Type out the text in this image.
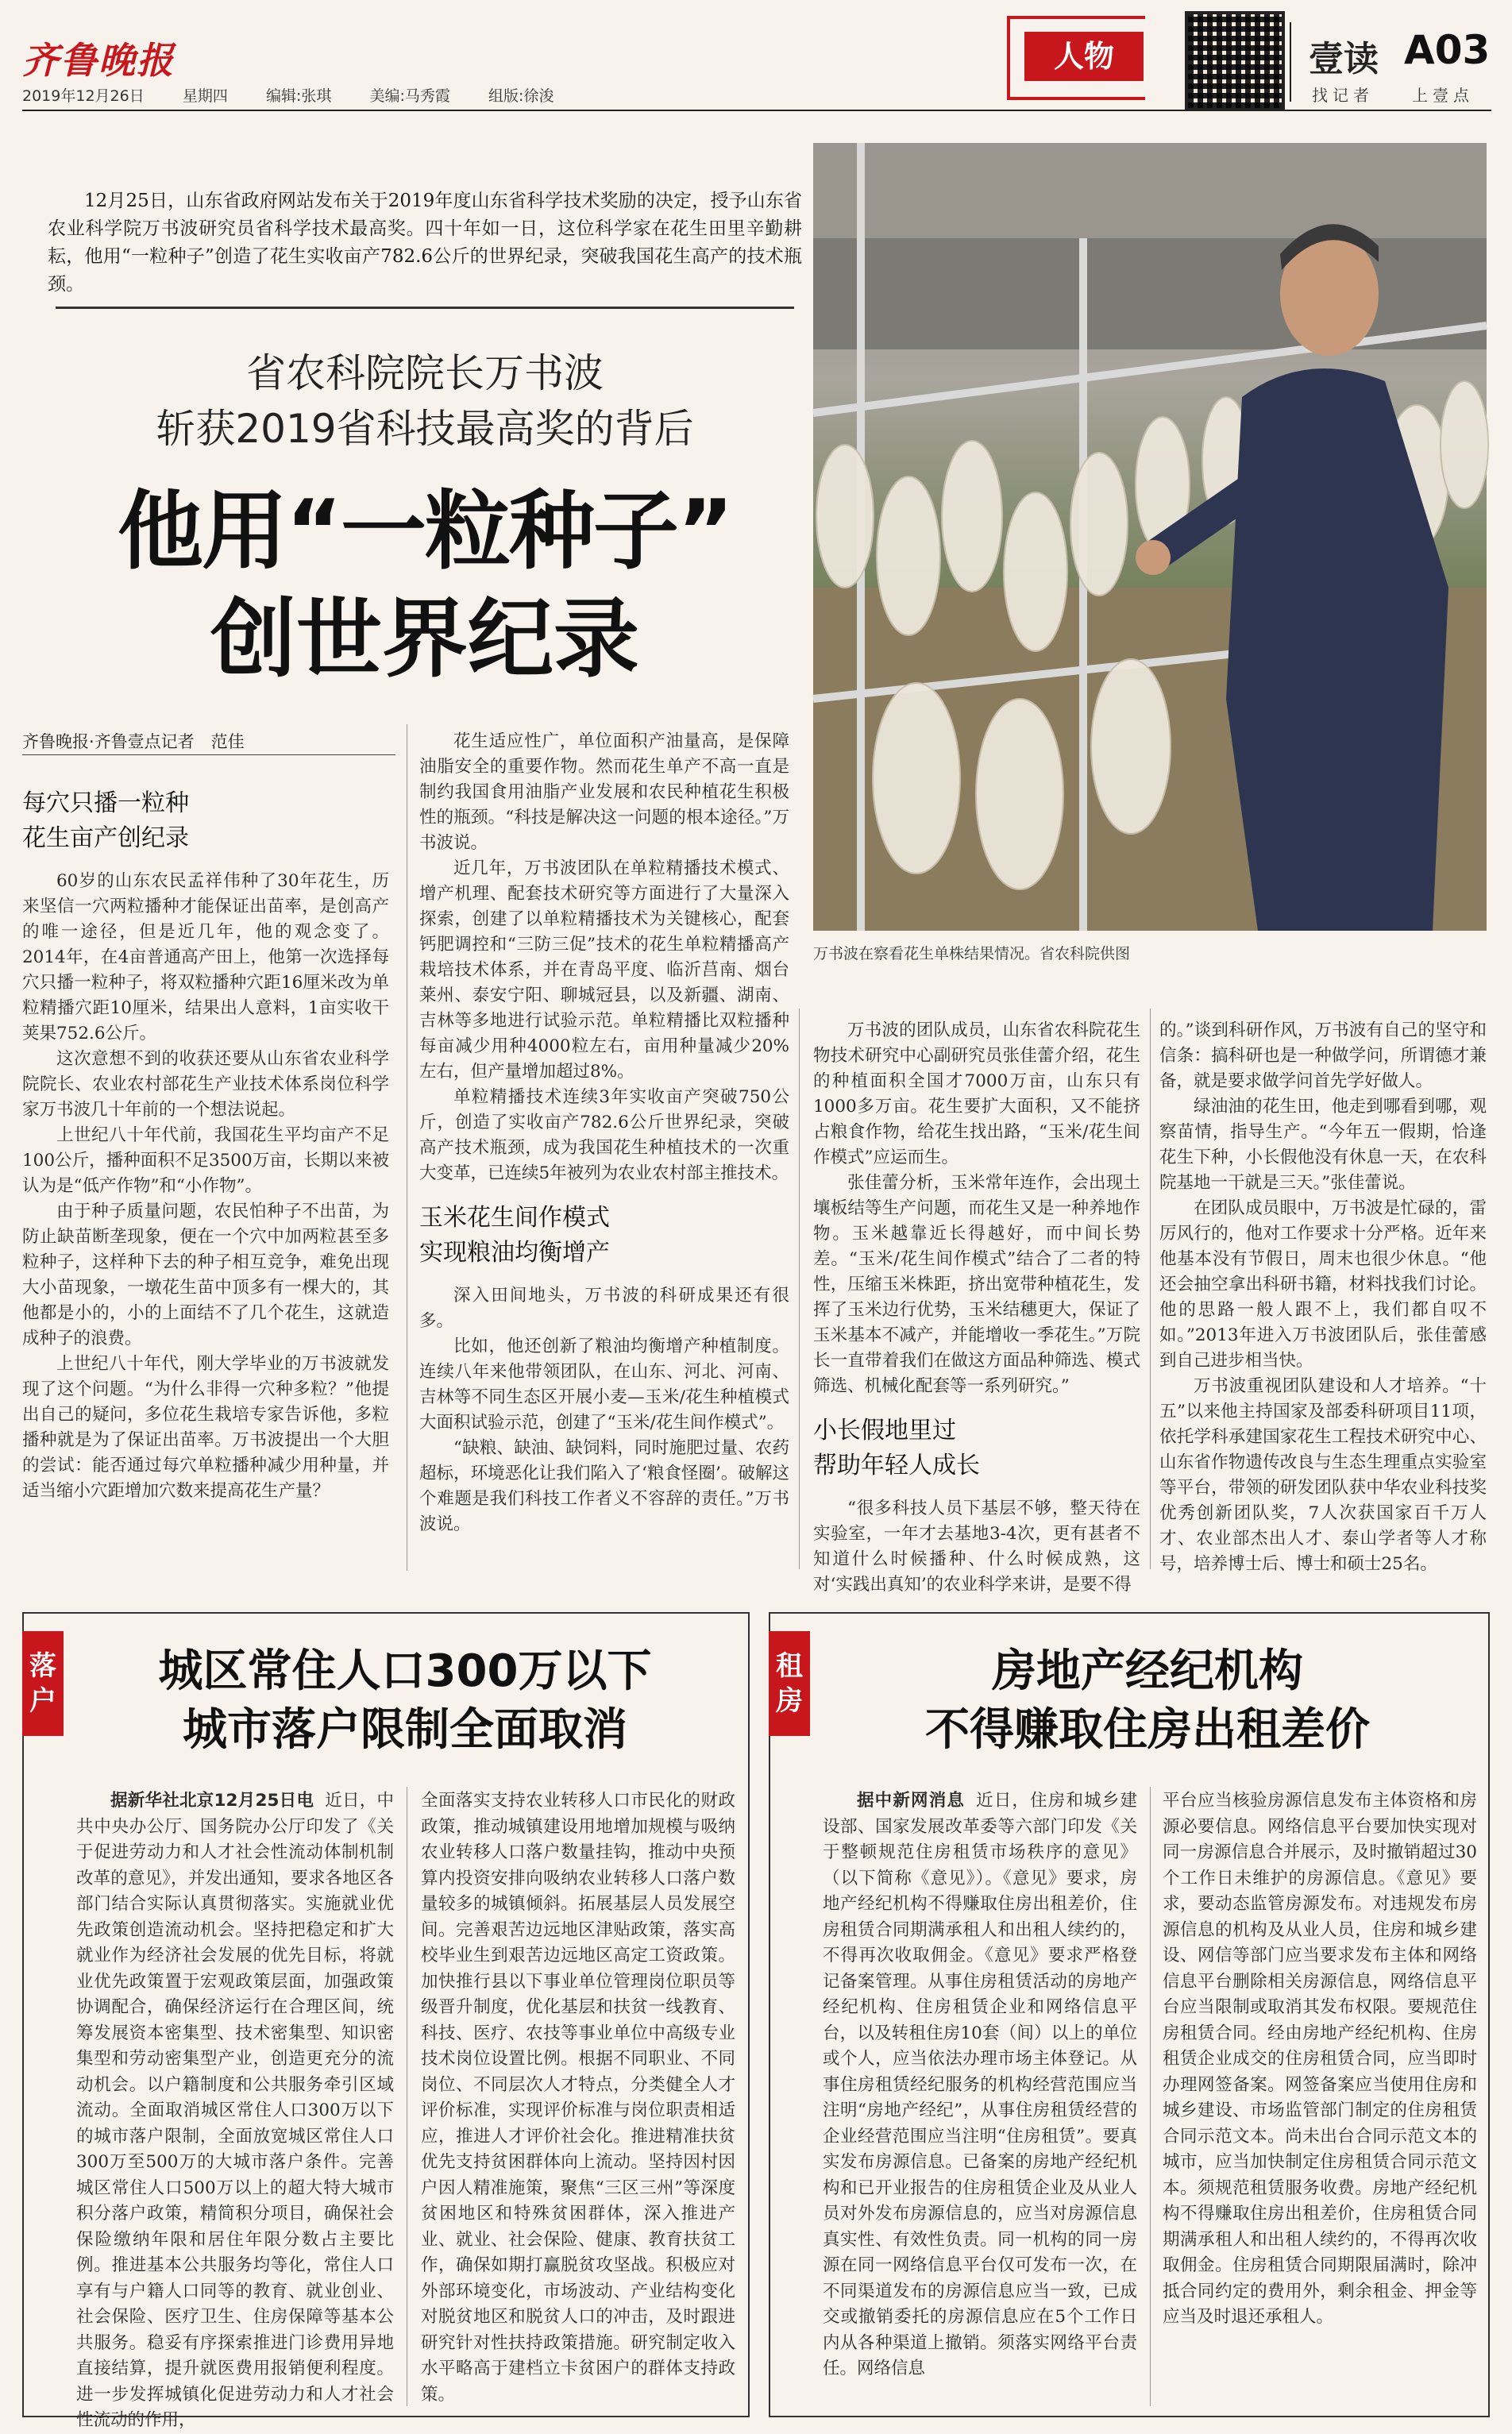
齐鲁晚报
2019年12月26日	星期四	编辑:张琪	美编:马秀霞	组版:徐浚
人物	壹读 A03
找记者 上壹点
12月25日，山东省政府网站发布关于2019年度山东省科学技术奖励的决定，授予山东省农业科学院万书波研究员省科学技术最高奖。四十年如一日，这位科学家在花生田里辛勤耕耘，他用“一粒种子”创造了花生实收亩产782.6公斤的世界纪录，突破我国花生高产的技术瓶颈。
省农科院院长万书波
斩获2019省科技最高奖的背后
他用“一粒种子”
创世界纪录
万书波在察看花生单株结果情况。省农科院供图
齐鲁晚报·齐鲁壹点记者　范佳
每穴只播一粒种
花生亩产创纪录

60岁的山东农民孟祥伟种了30年花生，历来坚信一穴两粒播种才能保证出苗率，是创高产的唯一途径，但是近几年，他的观念变了。2014年，在4亩普通高产田上，他第一次选择每穴只播一粒种子，将双粒播种穴距16厘米改为单粒精播穴距10厘米，结果出人意料，1亩实收干荚果752.6公斤。

这次意想不到的收获还要从山东省农业科学院院长、农业农村部花生产业技术体系岗位科学家万书波几十年前的一个想法说起。

上世纪八十年代前，我国花生平均亩产不足100公斤，播种面积不足3500万亩，长期以来被认为是“低产作物”和“小作物”。

由于种子质量问题，农民怕种子不出苗，为防止缺苗断垄现象，便在一个穴中加两粒甚至多粒种子，这样种下去的种子相互竞争，难免出现大小苗现象，一墩花生苗中顶多有一棵大的，其他都是小的，小的上面结不了几个花生，这就造成种子的浪费。

上世纪八十年代，刚大学毕业的万书波就发现了这个问题。“为什么非得一穴种多粒？”他提出自己的疑问，多位花生栽培专家告诉他，多粒播种就是为了保证出苗率。万书波提出一个大胆的尝试：能否通过每穴单粒播种减少用种量，并适当缩小穴距增加穴数来提高花生产量？

花生适应性广，单位面积产油量高，是保障油脂安全的重要作物。然而花生单产不高一直是制约我国食用油脂产业发展和农民种植花生积极性的瓶颈。“科技是解决这一问题的根本途径。”万书波说。

近几年，万书波团队在单粒精播技术模式、增产机理、配套技术研究等方面进行了大量深入探索，创建了以单粒精播技术为关键核心，配套钙肥调控和“三防三促”技术的花生单粒精播高产栽培技术体系，并在青岛平度、临沂莒南、烟台莱州、泰安宁阳、聊城冠县，以及新疆、湖南、吉林等多地进行试验示范。单粒精播比双粒播种每亩减少用种4000粒左右，亩用种量减少20%左右，但产量增加超过8%。

单粒精播技术连续3年实收亩产突破750公斤，创造了实收亩产782.6公斤世界纪录，突破高产技术瓶颈，成为我国花生种植技术的一次重大变革，已连续5年被列为农业农村部主推技术。

玉米花生间作模式
实现粮油均衡增产

深入田间地头，万书波的科研成果还有很多。

比如，他还创新了粮油均衡增产种植制度。连续八年来他带领团队，在山东、河北、河南、吉林等不同生态区开展小麦—玉米/花生种植模式大面积试验示范，创建了“玉米/花生间作模式”。

“缺粮、缺油、缺饲料，同时施肥过量、农药超标，环境恶化让我们陷入了‘粮食怪圈’。破解这个难题是我们科技工作者义不容辞的责任。”万书波说。

万书波的团队成员，山东省农科院花生物技术研究中心副研究员张佳蕾介绍，花生的种植面积全国才7000万亩，山东只有1000多万亩。花生要扩大面积，又不能挤占粮食作物，给花生找出路，“玉米/花生间作模式”应运而生。

张佳蕾分析，玉米常年连作，会出现土壤板结等生产问题，而花生又是一种养地作物。玉米越靠近长得越好，而中间长势差。“玉米/花生间作模式”结合了二者的特性，压缩玉米株距，挤出宽带种植花生，发挥了玉米边行优势，玉米结穗更大，保证了玉米基本不减产，并能增收一季花生。”万院长一直带着我们在做这方面品种筛选、模式筛选、机械化配套等一系列研究。”

小长假地里过
帮助年轻人成长

“很多科技人员下基层不够，整天待在实验室，一年才去基地3-4次，更有甚者不知道什么时候播种、什么时候成熟，这对‘实践出真知’的农业科学来讲，是要不得

的。”谈到科研作风，万书波有自己的坚守和信条：搞科研也是一种做学问，所谓德才兼备，就是要求做学问首先学好做人。

绿油油的花生田，他走到哪看到哪，观察苗情，指导生产。“今年五一假期，恰逢花生下种，小长假他没有休息一天，在农科院基地一干就是三天。”张佳蕾说。

在团队成员眼中，万书波是忙碌的，雷厉风行的，他对工作要求十分严格。近年来他基本没有节假日，周末也很少休息。“他还会抽空拿出科研书籍，材料找我们讨论。他的思路一般人跟不上，我们都自叹不如。”2013年进入万书波团队后，张佳蕾感到自己进步相当快。

万书波重视团队建设和人才培养。“十五”以来他主持国家及部委科研项目11项，依托学科承建国家花生工程技术研究中心、山东省作物遗传改良与生态生理重点实验室等平台，带领的研发团队获中华农业科技奖优秀创新团队奖，7人次获国家百千万人才、农业部杰出人才、泰山学者等人才称号，培养博士后、博士和硕士25名。

落户
城区常住人口300万以下
城市落户限制全面取消

据新华社北京12月25日电 近日，中共中央办公厅、国务院办公厅印发了《关于促进劳动力和人才社会性流动体制机制改革的意见》，并发出通知，要求各地区各部门结合实际认真贯彻落实。实施就业优先政策创造流动机会。坚持把稳定和扩大就业作为经济社会发展的优先目标，将就业优先政策置于宏观政策层面，加强政策协调配合，确保经济运行在合理区间，统筹发展资本密集型、技术密集型、知识密集型和劳动密集型产业，创造更充分的流动机会。以户籍制度和公共服务牵引区域流动。全面取消城区常住人口300万以下的城市落户限制，全面放宽城区常住人口300万至500万的大城市落户条件。完善城区常住人口500万以上的超大特大城市积分落户政策，精简积分项目，确保社会保险缴纳年限和居住年限分数占主要比例。推进基本公共服务均等化，常住人口享有与户籍人口同等的教育、就业创业、社会保险、医疗卫生、住房保障等基本公共服务。稳妥有序探索推进门诊费用异地直接结算，提升就医费用报销便利程度。进一步发挥城镇化促进劳动力和人才社会性流动的作用，

全面落实支持农业转移人口市民化的财政政策，推动城镇建设用地增加规模与吸纳农业转移人口落户数量挂钩，推动中央预算内投资安排向吸纳农业转移人口落户数量较多的城镇倾斜。拓展基层人员发展空间。完善艰苦边远地区津贴政策，落实高校毕业生到艰苦边远地区高定工资政策。加快推行县以下事业单位管理岗位职员等级晋升制度，优化基层和扶贫一线教育、科技、医疗、农技等事业单位中高级专业技术岗位设置比例。根据不同职业、不同岗位、不同层次人才特点，分类健全人才评价标准，实现评价标准与岗位职责相适应，推进人才评价社会化。推进精准扶贫优先支持贫困群体向上流动。坚持因村因户因人精准施策，聚焦“三区三州”等深度贫困地区和特殊贫困群体，深入推进产业、就业、社会保险、健康、教育扶贫工作，确保如期打赢脱贫攻坚战。积极应对外部环境变化，市场波动、产业结构变化对脱贫地区和脱贫人口的冲击，及时跟进研究针对性扶持政策措施。研究制定收入水平略高于建档立卡贫困户的群体支持政策。

租房
房地产经纪机构
不得赚取住房出租差价

据中新网消息 近日，住房和城乡建设部、国家发展改革委等六部门印发《关于整顿规范住房租赁市场秩序的意见》（以下简称《意见》）。《意见》要求，房地产经纪机构不得赚取住房出租差价，住房租赁合同期满承租人和出租人续约的，不得再次收取佣金。《意见》要求严格登记备案管理。从事住房租赁活动的房地产经纪机构、住房租赁企业和网络信息平台，以及转租住房10套（间）以上的单位或个人，应当依法办理市场主体登记。从事住房租赁经纪服务的机构经营范围应当注明“房地产经纪”，从事住房租赁经营的企业经营范围应当注明“住房租赁”。要真实发布房源信息。已备案的房地产经纪机构和已开业报告的住房租赁企业及从业人员对外发布房源信息的，应当对房源信息真实性、有效性负责。同一机构的同一房源在同一网络信息平台仅可发布一次，在不同渠道发布的房源信息应当一致，已成交或撤销委托的房源信息应在5个工作日内从各种渠道上撤销。须落实网络平台责任。网络信息

平台应当核验房源信息发布主体资格和房源必要信息。网络信息平台要加快实现对同一房源信息合并展示，及时撤销超过30个工作日未维护的房源信息。《意见》要求，要动态监管房源发布。对违规发布房源信息的机构及从业人员，住房和城乡建设、网信等部门应当要求发布主体和网络信息平台删除相关房源信息，网络信息平台应当限制或取消其发布权限。要规范住房租赁合同。经由房地产经纪机构、住房租赁企业成交的住房租赁合同，应当即时办理网签备案。网签备案应当使用住房和城乡建设、市场监管部门制定的住房租赁合同示范文本。尚未出台合同示范文本的城市，应当加快制定住房租赁合同示范文本。须规范租赁服务收费。房地产经纪机构不得赚取住房出租差价，住房租赁合同期满承租人和出租人续约的，不得再次收取佣金。住房租赁合同期限届满时，除冲抵合同约定的费用外，剩余租金、押金等应当及时退还承租人。
